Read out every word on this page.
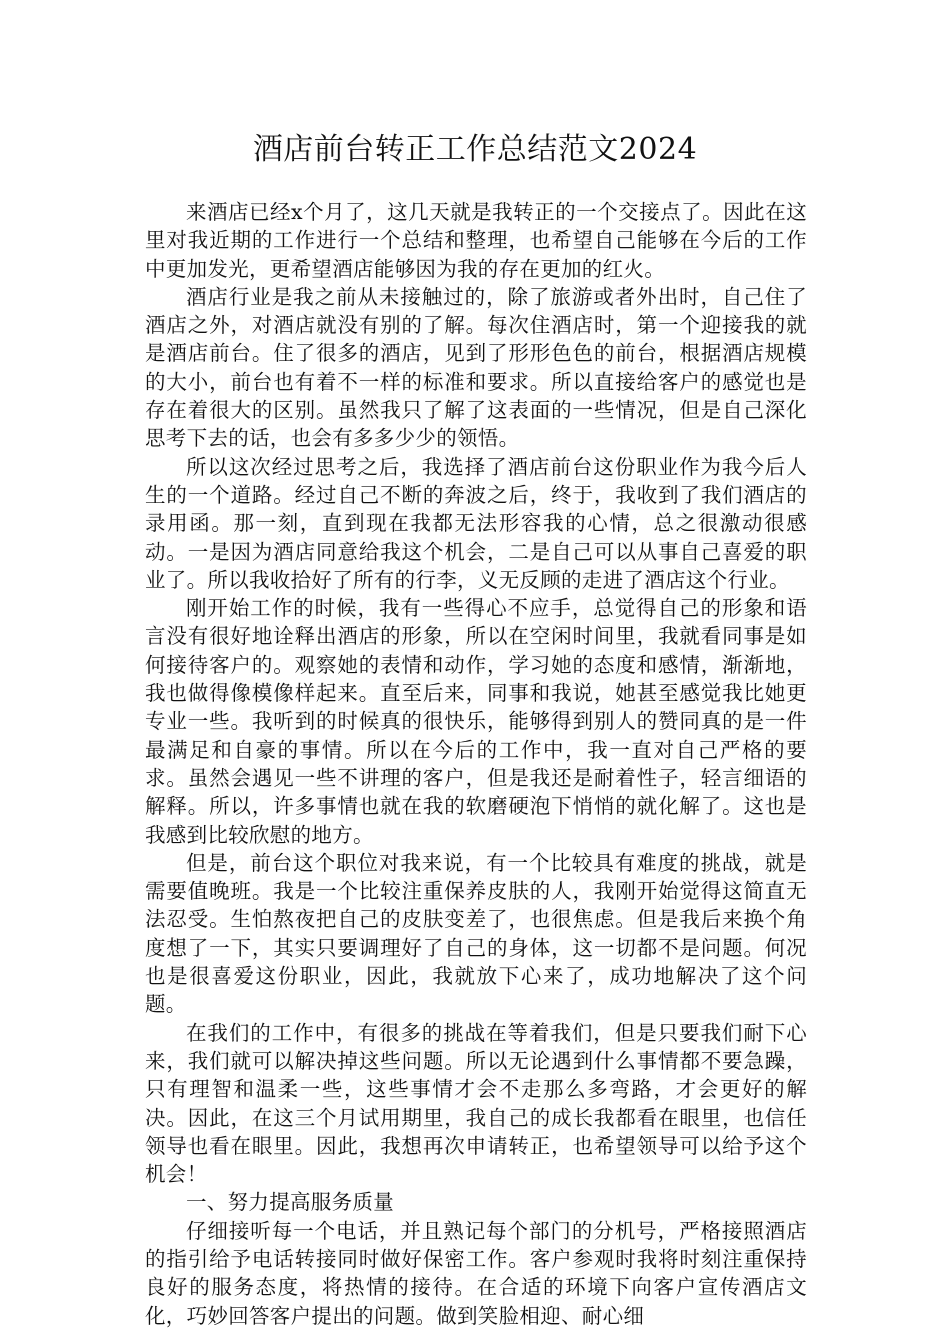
酒店前台转正工作总结范文2024

来酒店已经x个月了，这几天就是我转正的一个交接点了。因此在这里对我近期的工作进行一个总结和整理，也希望自己能够在今后的工作中更加发光，更希望酒店能够因为我的存在更加的红火。

酒店行业是我之前从未接触过的，除了旅游或者外出时，自己住了酒店之外，对酒店就没有别的了解。每次住酒店时，第一个迎接我的就是酒店前台。住了很多的酒店，见到了形形色色的前台，根据酒店规模的大小，前台也有着不一样的标准和要求。所以直接给客户的感觉也是存在着很大的区别。虽然我只了解了这表面的一些情况，但是自己深化思考下去的话，也会有多多少少的领悟。

所以这次经过思考之后，我选择了酒店前台这份职业作为我今后人生的一个道路。经过自己不断的奔波之后，终于，我收到了我们酒店的录用函。那一刻，直到现在我都无法形容我的心情，总之很激动很感动。一是因为酒店同意给我这个机会，二是自己可以从事自己喜爱的职业了。所以我收拾好了所有的行李，义无反顾的走进了酒店这个行业。

刚开始工作的时候，我有一些得心不应手，总觉得自己的形象和语言没有很好地诠释出酒店的形象，所以在空闲时间里，我就看同事是如何接待客户的。观察她的表情和动作，学习她的态度和感情，渐渐地，我也做得像模像样起来。直至后来，同事和我说，她甚至感觉我比她更专业一些。我听到的时候真的很快乐，能够得到别人的赞同真的是一件最满足和自豪的事情。所以在今后的工作中，我一直对自己严格的要求。虽然会遇见一些不讲理的客户，但是我还是耐着性子，轻言细语的解释。所以，许多事情也就在我的软磨硬泡下悄悄的就化解了。这也是我感到比较欣慰的地方。

但是，前台这个职位对我来说，有一个比较具有难度的挑战，就是需要值晚班。我是一个比较注重保养皮肤的人，我刚开始觉得这简直无法忍受。生怕熬夜把自己的皮肤变差了，也很焦虑。但是我后来换个角度想了一下，其实只要调理好了自己的身体，这一切都不是问题。何况也是很喜爱这份职业，因此，我就放下心来了，成功地解决了这个问题。

在我们的工作中，有很多的挑战在等着我们，但是只要我们耐下心来，我们就可以解决掉这些问题。所以无论遇到什么事情都不要急躁，只有理智和温柔一些，这些事情才会不走那么多弯路，才会更好的解决。因此，在这三个月试用期里，我自己的成长我都看在眼里，也信任领导也看在眼里。因此，我想再次申请转正，也希望领导可以给予这个机会！

一、努力提高服务质量

仔细接听每一个电话，并且熟记每个部门的分机号，严格接照酒店的指引给予电话转接同时做好保密工作。客户参观时我将时刻注重保持良好的服务态度，将热情的接待。在合适的环境下向客户宣传酒店文化，巧妙回答客户提出的问题。做到笑脸相迎、耐心细
